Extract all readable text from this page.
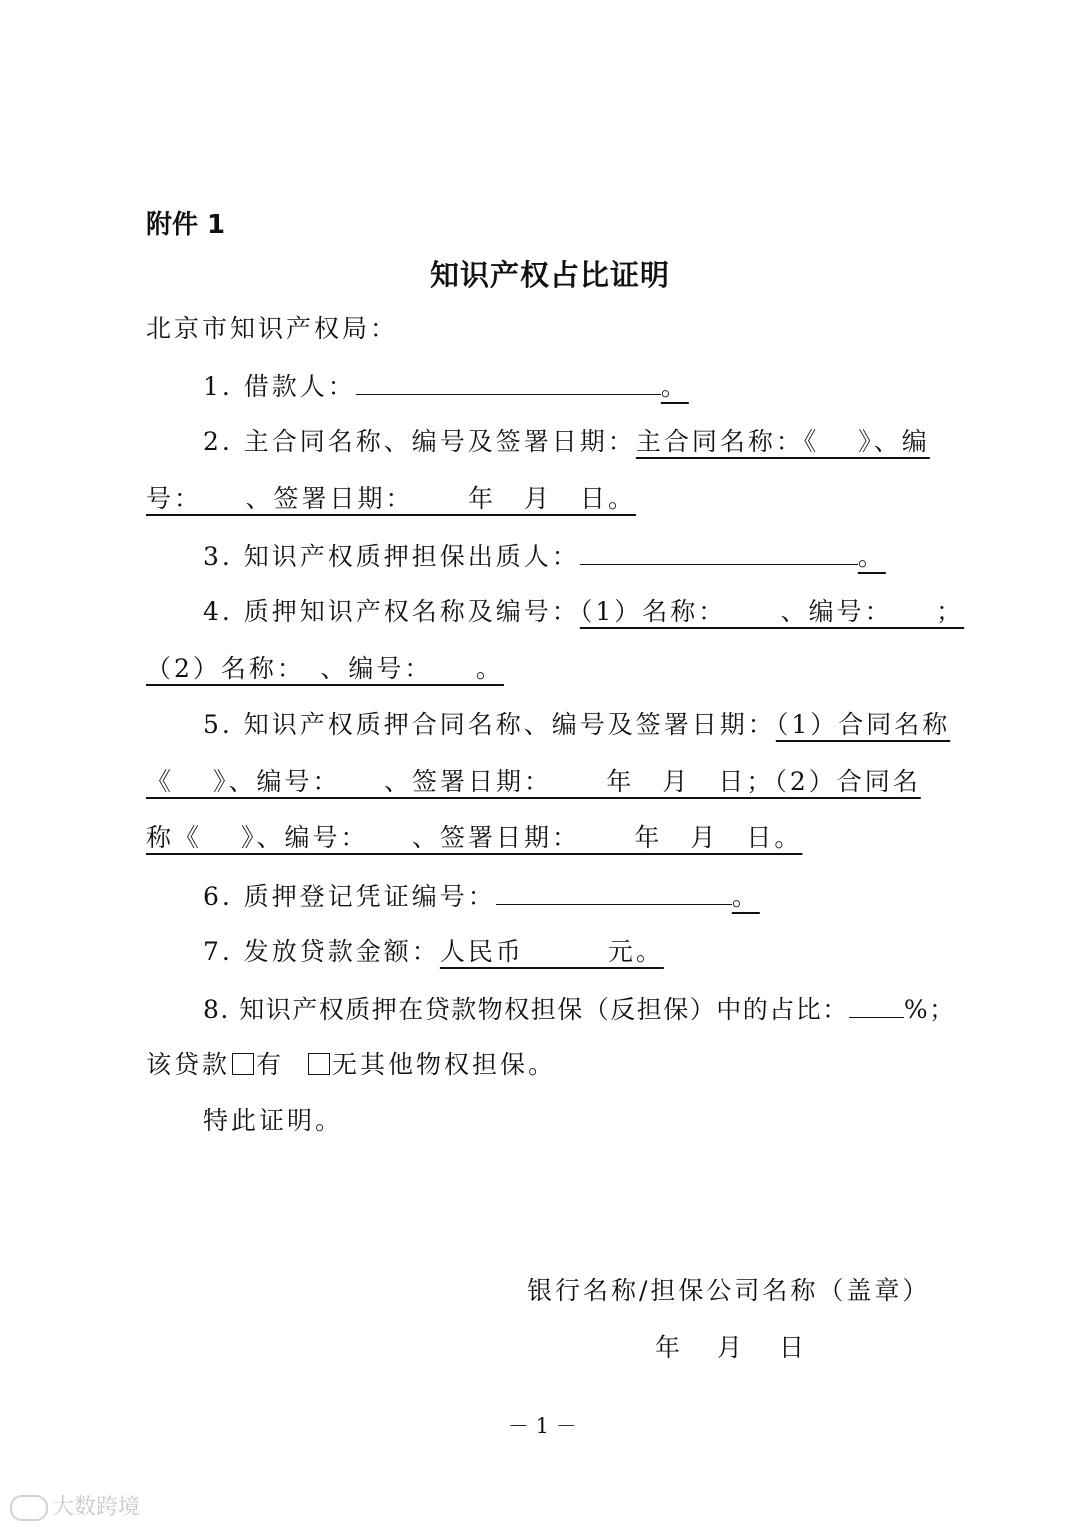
附件 1
知识产权占比证明
北京市知识产权局：
1. 借款人：	。
2. 主合同名称、编号及签署日期：主合同名称：《　 》、编
号：　　、签署日期：　　 年　月　日。
3. 知识产权质押担保出质人：	。
4. 质押知识产权名称及编号：（1）名称：　　 、编号：　　；
（2）名称：　、编号：　　。
5. 知识产权质押合同名称、编号及签署日期：（1）合同名称
《　 》、编号：　　、签署日期：　　 年　月　日；（2）合同名
称《　 》、编号：　　、签署日期：　　 年　月　日。
6. 质押登记凭证编号：	。
7. 发放贷款金额：人民币　　　元。
8. 知识产权质押在贷款物权担保（反担保）中的占比： %；
该贷款 有 无其他物权担保。
特此证明。
银行名称/担保公司名称（盖章）
年　月　日
－ 1 －
大数跨境
